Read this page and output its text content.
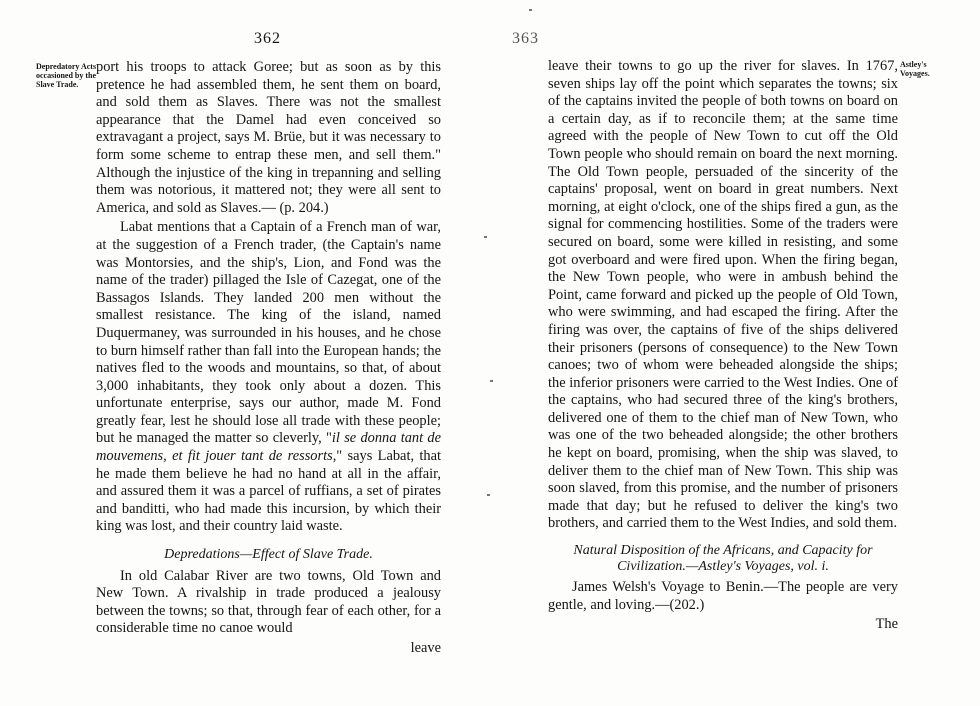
362
Depredatory Acts occasioned by the Slave Trade.

port his troops to attack Goree; but as soon as by this pretence he had assembled them, he sent them on board, and sold them as Slaves. There was not the smallest appearance that the Damel had even conceived so extravagant a project, says M. Brüe, but it was necessary to form some scheme to entrap these men, and sell them." Although the injustice of the king in trepanning and selling them was notorious, it mattered not; they were all sent to America, and sold as Slaves.— (p. 204.)

Labat mentions that a Captain of a French man of war, at the suggestion of a French trader, (the Captain's name was Montorsies, and the ship's, Lion, and Fond was the name of the trader) pillaged the Isle of Cazegat, one of the Bassagos Islands. They landed 200 men without the smallest resistance. The king of the island, named Duquermaney, was surrounded in his houses, and he chose to burn himself rather than fall into the European hands; the natives fled to the woods and mountains, so that, of about 3,000 inhabitants, they took only about a dozen. This unfortunate enterprise, says our author, made M. Fond greatly fear, lest he should lose all trade with these people; but he managed the matter so cleverly, "il se donna tant de mouvemens, et fit jouer tant de ressorts," says Labat, that he made them believe he had no hand at all in the affair, and assured them it was a parcel of ruffians, a set of pirates and banditti, who had made this incursion, by which their king was lost, and their country laid waste.

Depredations—Effect of Slave Trade.

In old Calabar River are two towns, Old Town and New Town. A rivalship in trade produced a jealousy between the towns; so that, through fear of each other, for a considerable time no canoe would

leave
363
Astley's Voyages.

leave their towns to go up the river for slaves. In 1767, seven ships lay off the point which separates the towns; six of the captains invited the people of both towns on board on a certain day, as if to reconcile them; at the same time agreed with the people of New Town to cut off the Old Town people who should remain on board the next morning. The Old Town people, persuaded of the sincerity of the captains' proposal, went on board in great numbers. Next morning, at eight o'clock, one of the ships fired a gun, as the signal for commencing hostilities. Some of the traders were secured on board, some were killed in resisting, and some got overboard and were fired upon. When the firing began, the New Town people, who were in ambush behind the Point, came forward and picked up the people of Old Town, who were swimming, and had escaped the firing. After the firing was over, the captains of five of the ships delivered their prisoners (persons of consequence) to the New Town canoes; two of whom were beheaded alongside the ships; the inferior prisoners were carried to the West Indies. One of the captains, who had secured three of the king's brothers, delivered one of them to the chief man of New Town, who was one of the two beheaded alongside; the other brothers he kept on board, promising, when the ship was slaved, to deliver them to the chief man of New Town. This ship was soon slaved, from this promise, and the number of prisoners made that day; but he refused to deliver the king's two brothers, and carried them to the West Indies, and sold them.

Natural Disposition of the Africans, and Capacity for Civilization.—Astley's Voyages, vol. i.

James Welsh's Voyage to Benin.—The people are very gentle, and loving.—(202.)

The
